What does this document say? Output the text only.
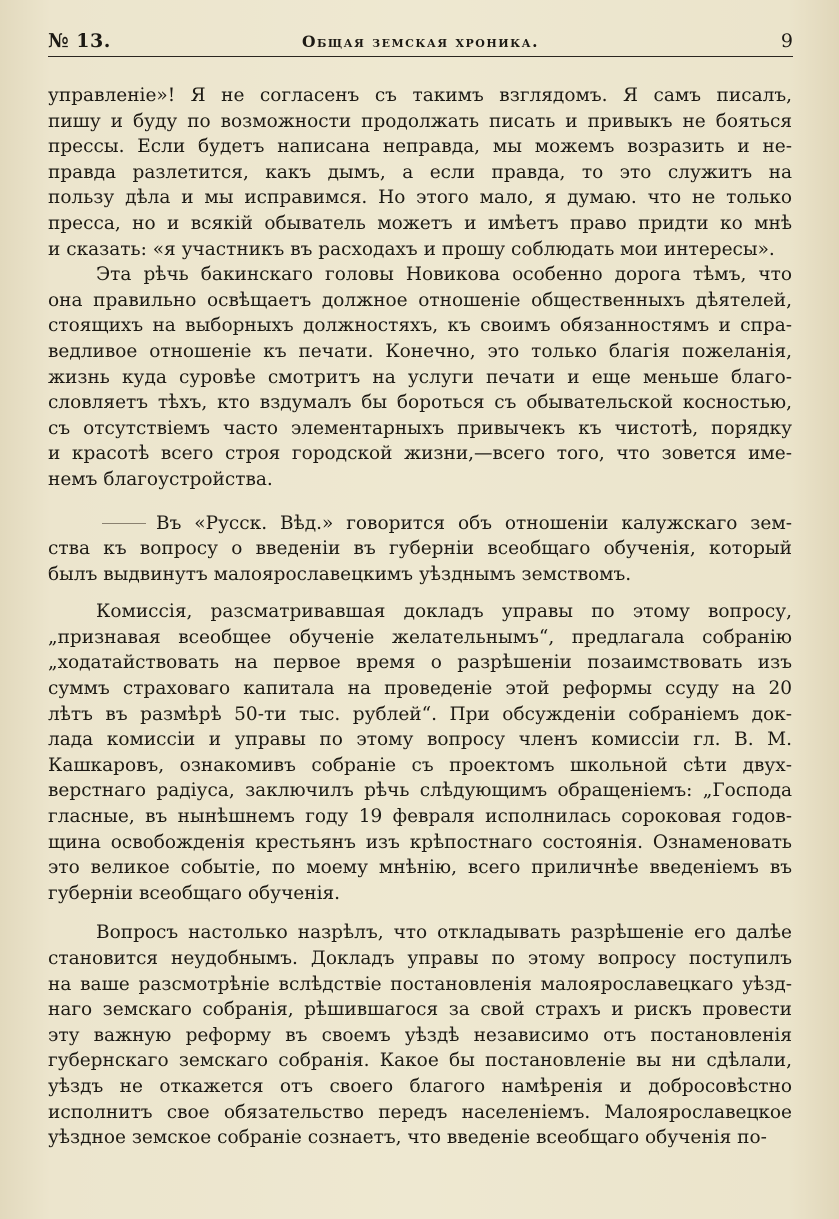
№ 13.	Общая земская хроника.	9
управленіе»! Я не согласенъ съ такимъ взглядомъ. Я самъ писалъ,
пишу и буду по возможности продолжать писать и привыкъ не бояться
прессы. Если будетъ написана неправда, мы можемъ возразить и не-
правда разлетится, какъ дымъ, а если правда, то это служитъ на
пользу дѣла и мы исправимся. Но этого мало, я думаю. что не только
пресса, но и всякій обыватель можетъ и имѣетъ право придти ко мнѣ
и сказать: «я участникъ въ расходахъ и прошу соблюдать мои интересы».
Эта рѣчь бакинскаго головы Новикова особенно дорога тѣмъ, что
она правильно освѣщаетъ должное отношеніе общественныхъ дѣятелей,
стоящихъ на выборныхъ должностяхъ, къ своимъ обязанностямъ и спра-
ведливое отношеніе къ печати. Конечно, это только благія пожеланія,
жизнь куда суровѣе смотритъ на услуги печати и еще меньше благо-
словляетъ тѣхъ, кто вздумалъ бы бороться съ обывательской косностью,
съ отсутствіемъ часто элементарныхъ привычекъ къ чистотѣ, порядку
и красотѣ всего строя городской жизни,—всего того, что зовется име-
немъ благоустройства.
Въ «Русск. Вѣд.» говорится объ отношеніи калужскаго зем-
ства къ вопросу о введеніи въ губерніи всеобщаго обученія, который
былъ выдвинутъ малоярославецкимъ уѣзднымъ земствомъ.
Комиссія, разсматривавшая докладъ управы по этому вопросу,
„признавая всеобщее обученіе желательнымъ“, предлагала собранію
„ходатайствовать на первое время о разрѣшеніи позаимствовать изъ
суммъ страховаго капитала на проведеніе этой реформы ссуду на 20
лѣтъ въ размѣрѣ 50-ти тыс. рублей“. При обсужденіи собраніемъ док-
лада комиссіи и управы по этому вопросу членъ комиссіи гл. В. М.
Кашкаровъ, ознакомивъ собраніе съ проектомъ школьной сѣти двух-
верстнаго радіуса, заключилъ рѣчь слѣдующимъ обращеніемъ: „Господа
гласные, въ нынѣшнемъ году 19 февраля исполнилась сороковая годов-
щина освобожденія крестьянъ изъ крѣпостнаго состоянія. Ознаменовать
это великое событіе, по моему мнѣнію, всего приличнѣе введеніемъ въ
губерніи всеобщаго обученія.
Вопросъ настолько назрѣлъ, что откладывать разрѣшеніе его далѣе
становится неудобнымъ. Докладъ управы по этому вопросу поступилъ
на ваше разсмотрѣніе вслѣдствіе постановленія малоярославецкаго уѣзд-
наго земскаго собранія, рѣшившагося за свой страхъ и рискъ провести
эту важную реформу въ своемъ уѣздѣ независимо отъ постановленія
губернскаго земскаго собранія. Какое бы постановленіе вы ни сдѣлали,
уѣздъ не откажется отъ своего благого намѣренія и добросовѣстно
исполнитъ свое обязательство передъ населеніемъ. Малоярославецкое
уѣздное земское собраніе сознаетъ, что введеніе всеобщаго обученія по-
